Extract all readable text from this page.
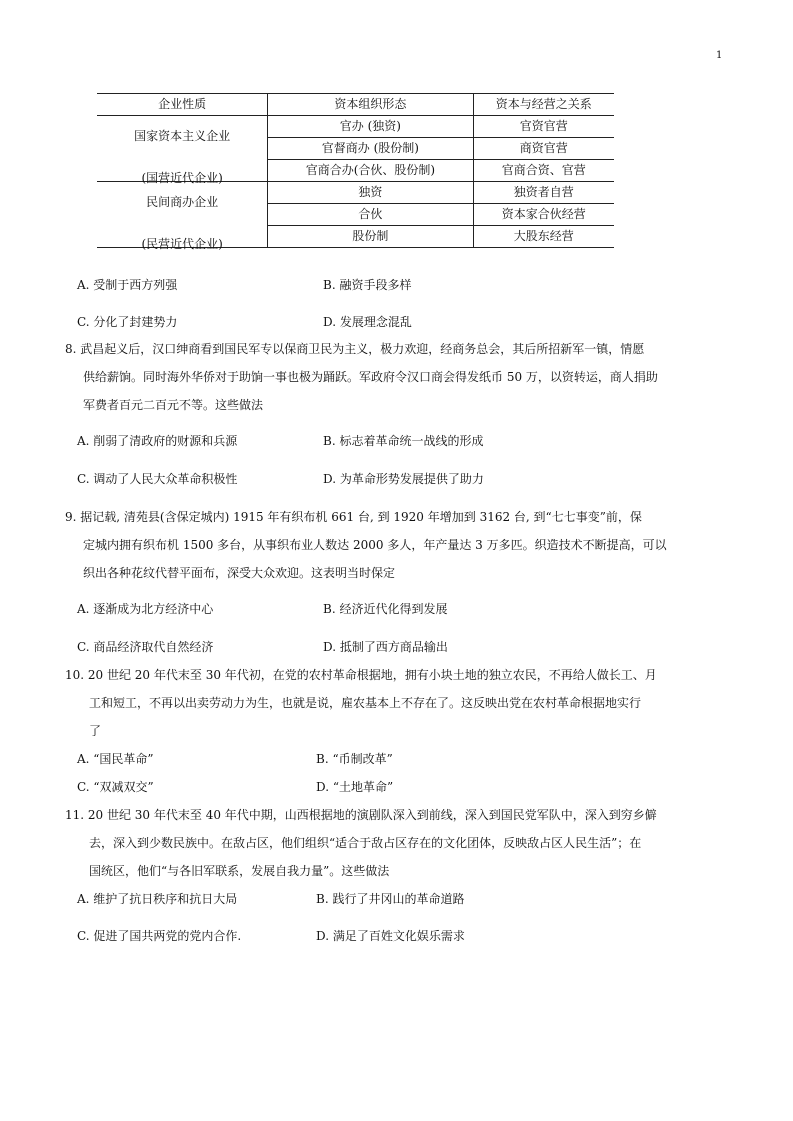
1
企业性质	资本组织形态	资本与经营之关系

国家资本主义企业
(国营近代企业)	官办 (独资)	官资官营
	官督商办 (股份制)	商资官营
	官商合办(合伙、股份制)	官商合资、官营

民间商办企业
(民营近代企业)	独资	独资者自营
	合伙	资本家合伙经营
	股份制	大股东经营
A. 受制于西方列强	B. 融资手段多样
C. 分化了封建势力	D. 发展理念混乱
8. 武昌起义后，汉口绅商看到国民军专以保商卫民为主义，极力欢迎，经商务总会，其后所招新军一镇，情愿
供给薪饷。同时海外华侨对于助饷一事也极为踊跃。军政府令汉口商会得发纸币 50 万，以资转运，商人捐助
军费者百元二百元不等。这些做法
A. 削弱了清政府的财源和兵源	B. 标志着革命统一战线的形成
C. 调动了人民大众革命积极性	D. 为革命形势发展提供了助力
9. 据记载, 清苑县(含保定城内) 1915 年有织布机 661 台, 到 1920 年增加到 3162 台, 到“七七事变”前，保
定城内拥有织布机 1500 多台，从事织布业人数达 2000 多人，年产量达 3 万多匹。织造技术不断提高，可以
织出各种花纹代替平面布，深受大众欢迎。这表明当时保定
A. 逐渐成为北方经济中心	B. 经济近代化得到发展
C. 商品经济取代自然经济	D. 抵制了西方商品输出
10. 20 世纪 20 年代末至 30 年代初，在党的农村革命根据地，拥有小块土地的独立农民，不再给人做长工、月
工和短工，不再以出卖劳动力为生，也就是说，雇农基本上不存在了。这反映出党在农村革命根据地实行
了
A. “国民革命”	B. “币制改革”
C. “双减双交”	D. “土地革命”
11. 20 世纪 30 年代末至 40 年代中期，山西根据地的演剧队深入到前线，深入到国民党军队中，深入到穷乡僻
去，深入到少数民族中。在敌占区，他们组织“适合于敌占区存在的文化团体，反映敌占区人民生活”；在
国统区，他们“与各旧军联系，发展自我力量”。这些做法
A. 维护了抗日秩序和抗日大局	B. 践行了井冈山的革命道路
C. 促进了国共两党的党内合作.	D. 满足了百姓文化娱乐需求
